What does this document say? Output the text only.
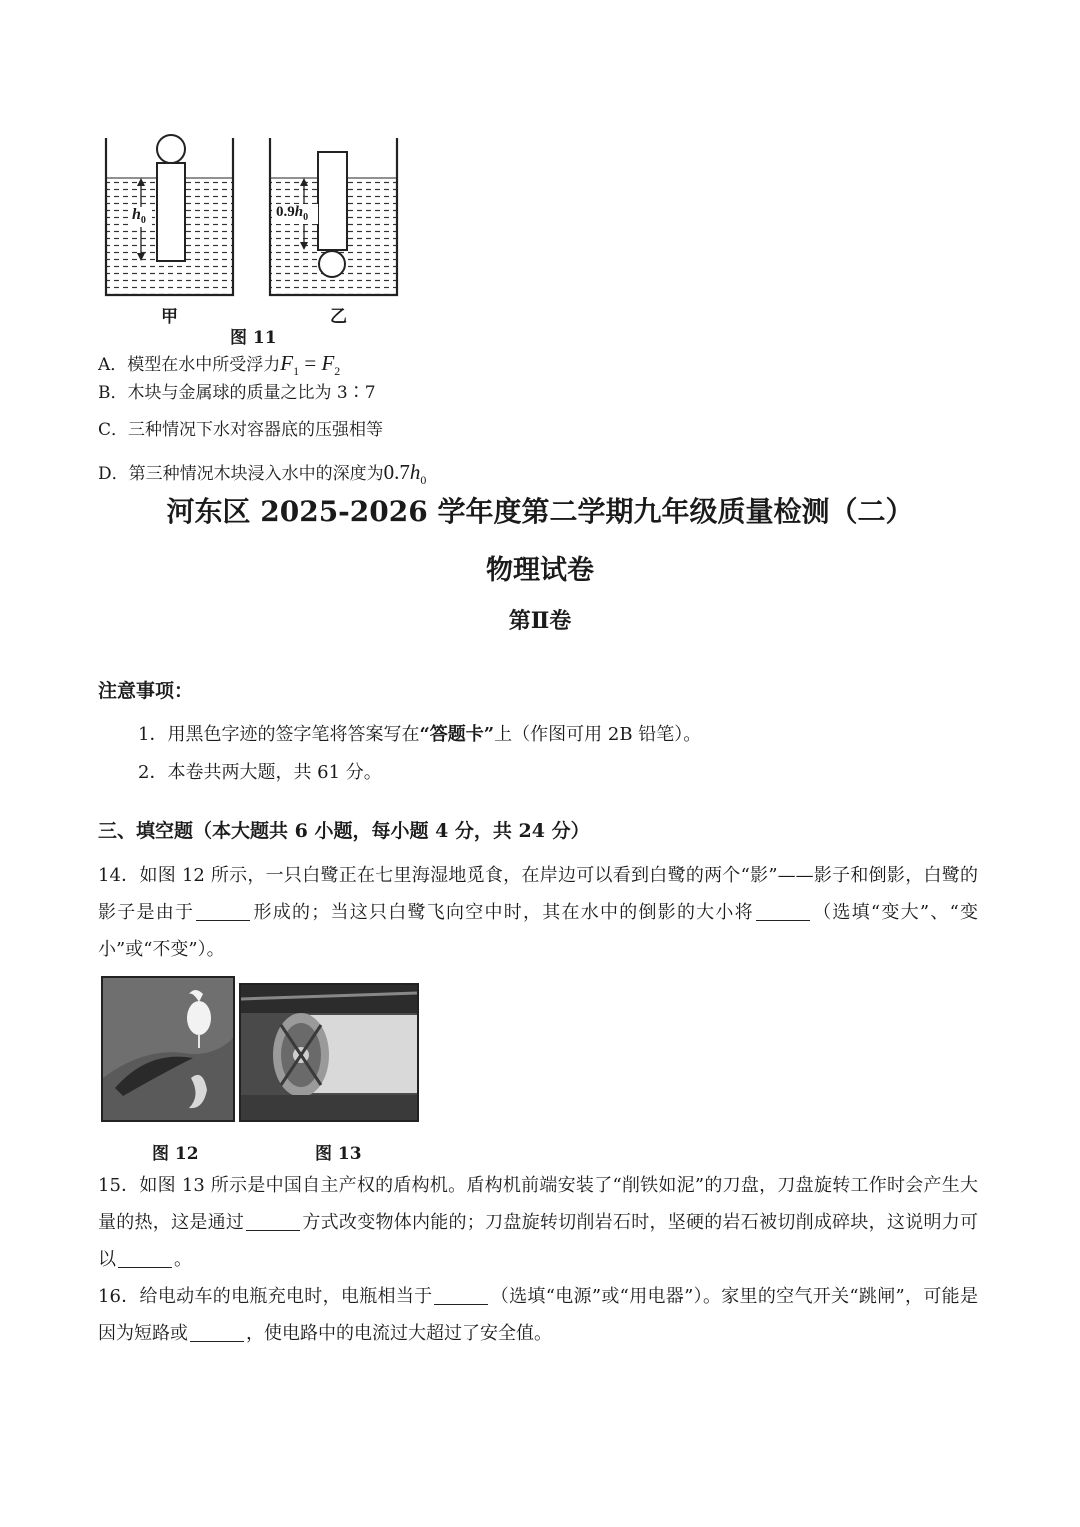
$h_0$
$0.9h_0$
甲	乙
图 11
A．模型在水中所受浮力$F_1 = F_2$
B．木块与金属球的质量之比为 3∶7
C．三种情况下水对容器底的压强相等
D．第三种情况木块浸入水中的深度为$0.7h_0$
河东区 2025-2026 学年度第二学期九年级质量检测（二）
物理试卷
第Ⅱ卷
注意事项：
1．用黑色字迹的签字笔将答案写在“答题卡”上（作图可用 2B 铅笔）。
2．本卷共两大题，共 61 分。
三、填空题（本大题共 6 小题，每小题 4 分，共 24 分）
14．如图 12 所示，一只白鹭正在七里海湿地觅食，在岸边可以看到白鹭的两个“影”——影子和倒影，白鹭的影子是由于	形成的；当这只白鹭飞向空中时，其在水中的倒影的大小将	（选填“变大”、“变小”或“不变”）。
图 12	图 13
15．如图 13 所示是中国自主产权的盾构机。盾构机前端安装了“削铁如泥”的刀盘，刀盘旋转工作时会产生大量的热，这是通过	方式改变物体内能的；刀盘旋转切削岩石时，坚硬的岩石被切削成碎块，这说明力可以	。
16．给电动车的电瓶充电时，电瓶相当于	（选填“电源”或“用电器”）。家里的空气开关“跳闸”，可能是因为短路或	，使电路中的电流过大超过了安全值。
